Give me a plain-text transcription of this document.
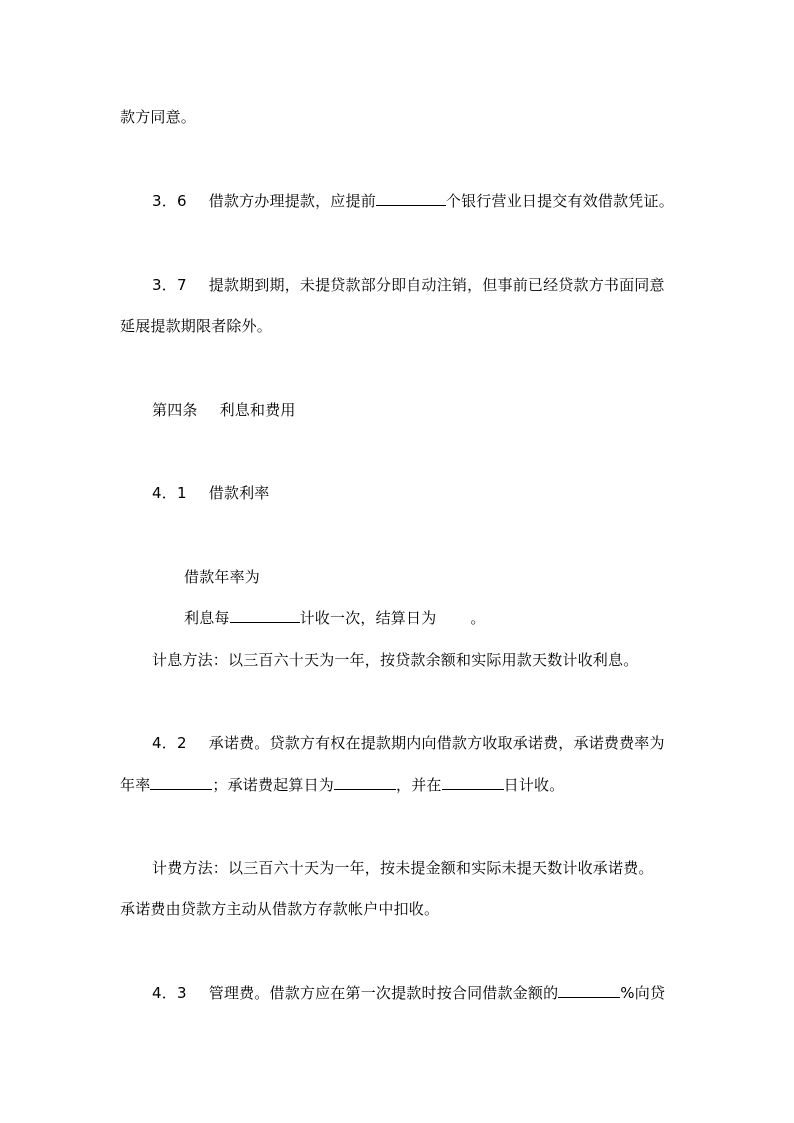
款方同意。
3．6 借款方办理提款，应提前	个银行营业日提交有效借款凭证。
3．7 提款期到期，未提贷款部分即自动注销，但事前已经贷款方书面同意
延展提款期限者除外。
第四条 利息和费用
4．1 借款利率
借款年率为
利息每	计收一次，结算日为 。
计息方法：以三百六十天为一年，按贷款余额和实际用款天数计收利息。
4．2 承诺费。贷款方有权在提款期内向借款方收取承诺费，承诺费费率为
年率	；承诺费起算日为	，并在	日计收。
计费方法：以三百六十天为一年，按未提金额和实际未提天数计收承诺费。
承诺费由贷款方主动从借款方存款帐户中扣收。
4．3 管理费。借款方应在第一次提款时按合同借款金额的	%向贷
